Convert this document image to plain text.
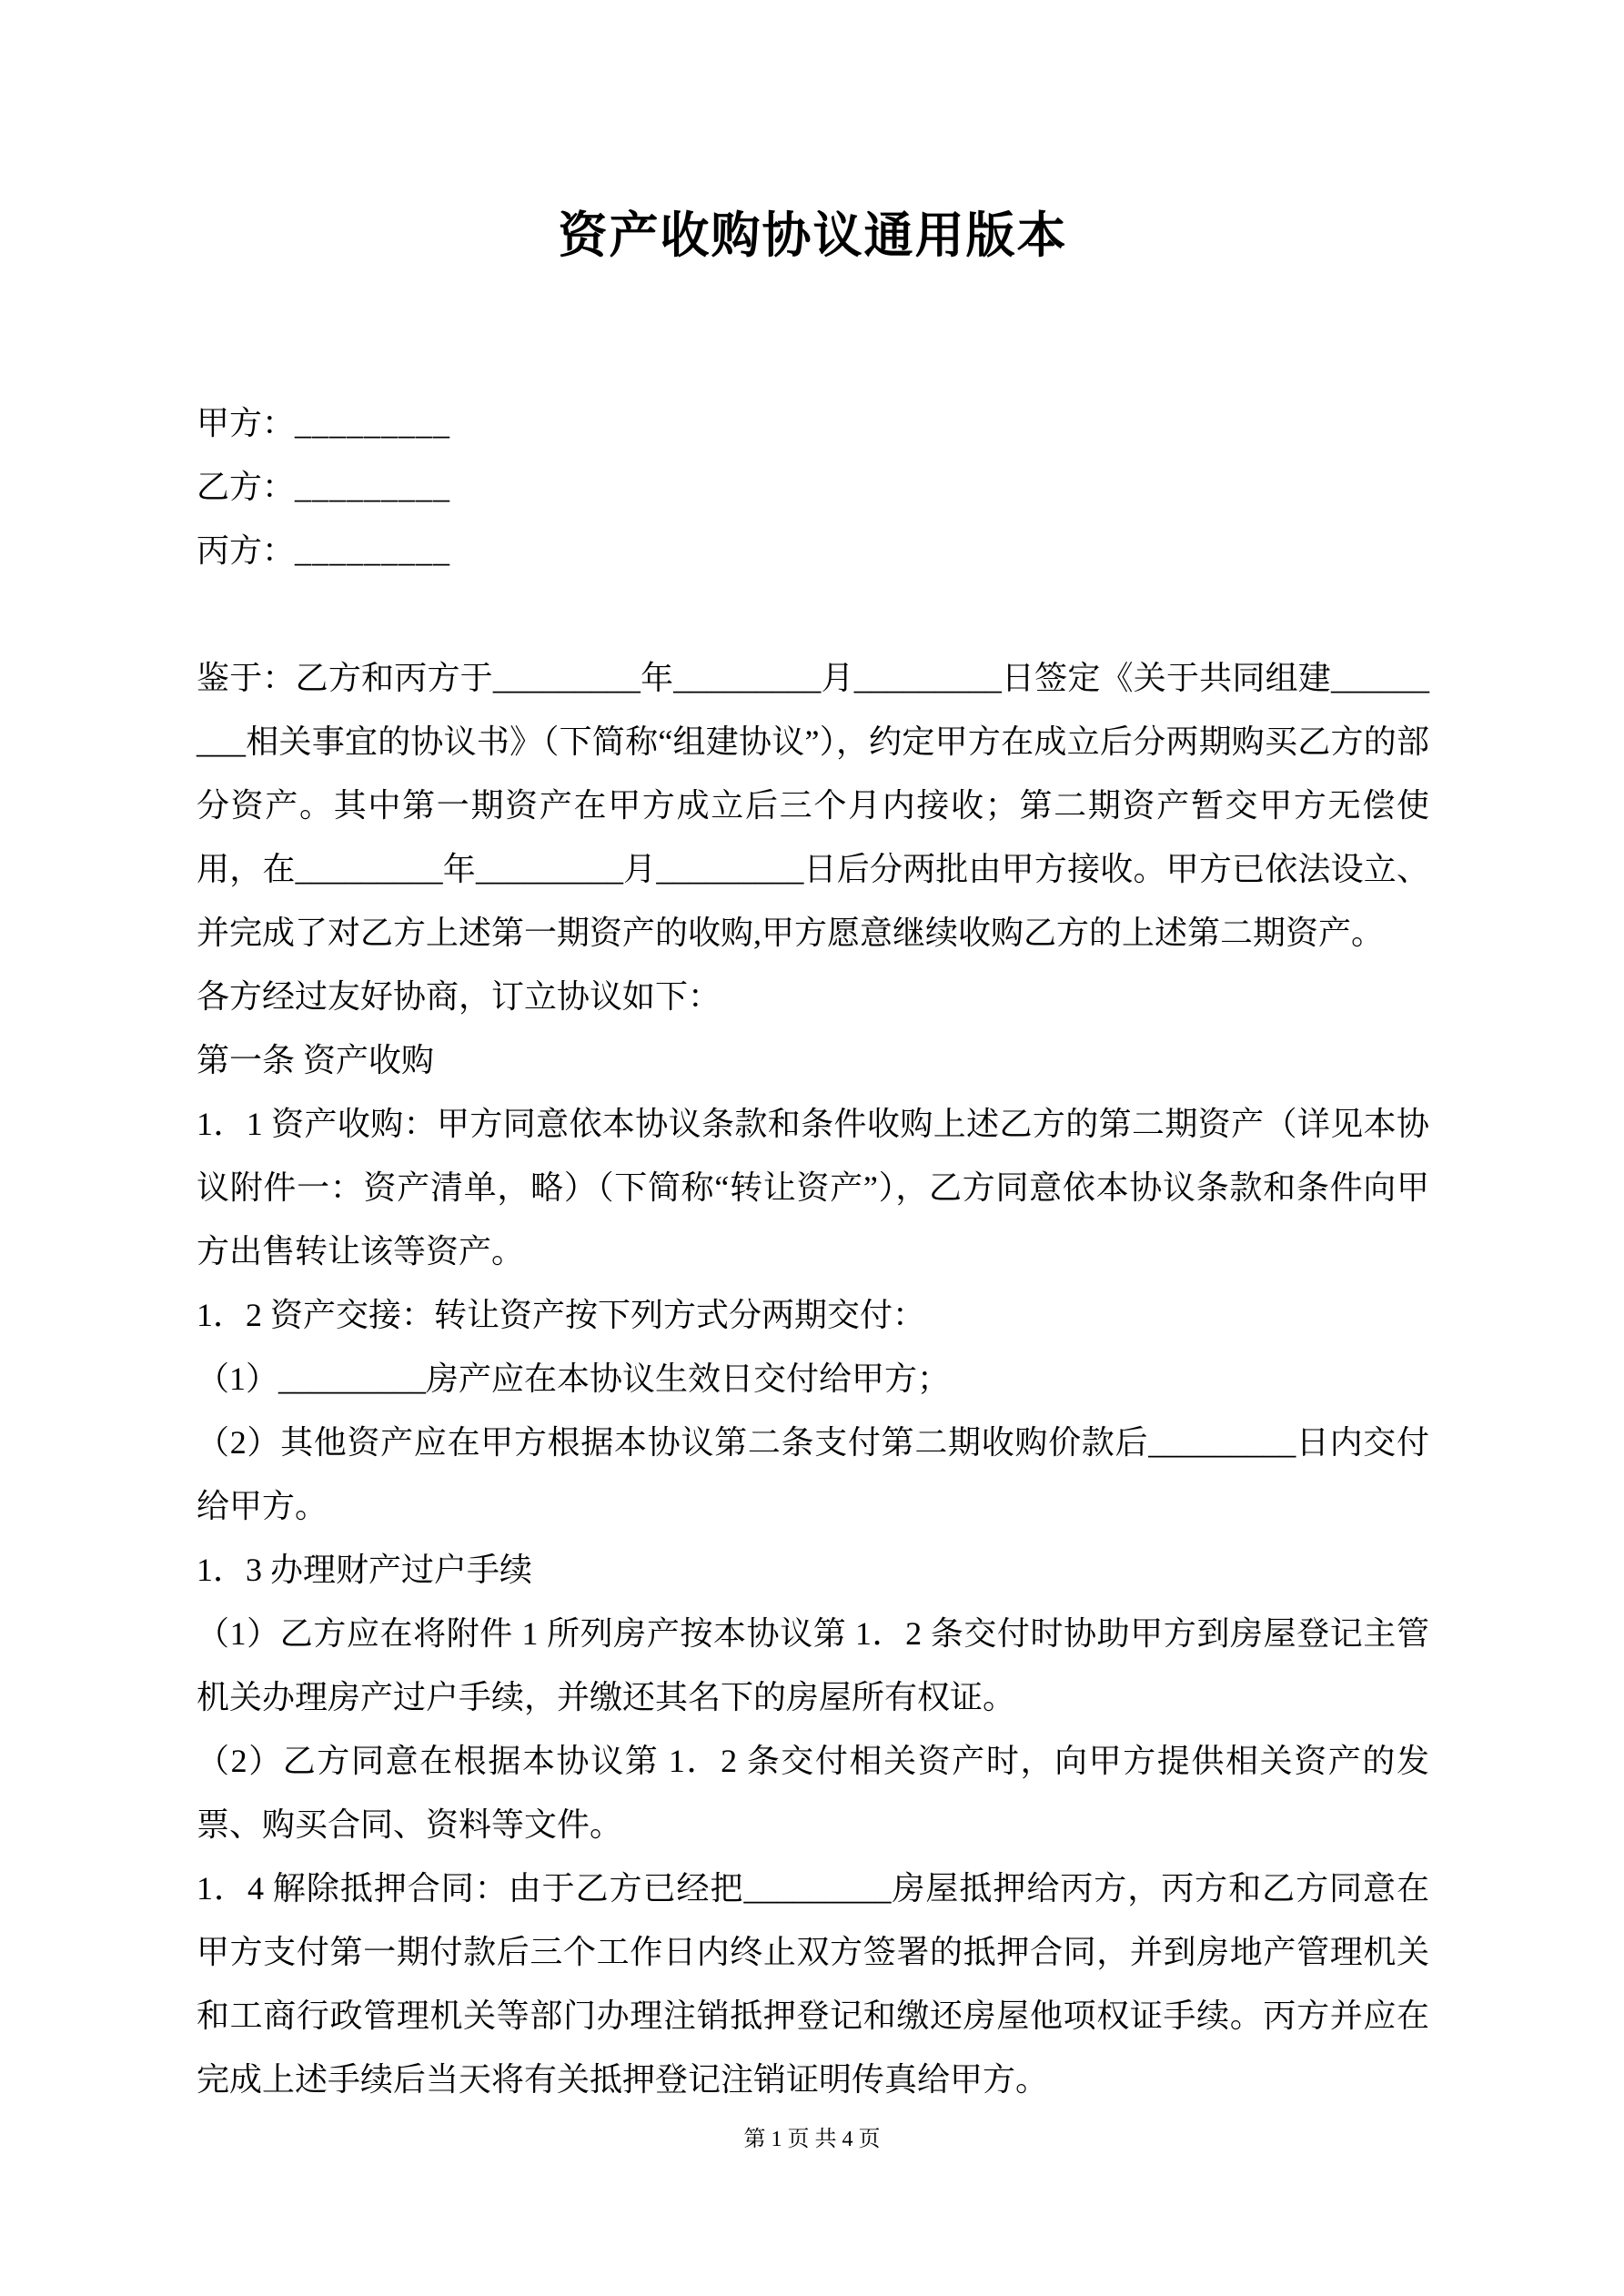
资产收购协议通用版本
甲方：_________
乙方：_________
丙方：_________

鉴于：乙方和丙方于_________年_________月_________日签定《关于共同组建_________相关事宜的协议书》（下简称“组建协议”），约定甲方在成立后分两期购买乙方的部分资产。其中第一期资产在甲方成立后三个月内接收；第二期资产暂交甲方无偿使用，在_________年_________月_________日后分两批由甲方接收。甲方已依法设立、并完成了对乙方上述第一期资产的收购,甲方愿意继续收购乙方的上述第二期资产。

各方经过友好协商，订立协议如下：

第一条 资产收购

1．1 资产收购：甲方同意依本协议条款和条件收购上述乙方的第二期资产（详见本协议附件一：资产清单，略）（下简称“转让资产”），乙方同意依本协议条款和条件向甲方出售转让该等资产。

1．2 资产交接：转让资产按下列方式分两期交付：

（1）_________房产应在本协议生效日交付给甲方；

（2）其他资产应在甲方根据本协议第二条支付第二期收购价款后_________日内交付给甲方。

1．3 办理财产过户手续

（1）乙方应在将附件 1 所列房产按本协议第 1．2 条交付时协助甲方到房屋登记主管机关办理房产过户手续，并缴还其名下的房屋所有权证。

（2）乙方同意在根据本协议第 1．2 条交付相关资产时，向甲方提供相关资产的发票、购买合同、资料等文件。

1．4 解除抵押合同：由于乙方已经把_________房屋抵押给丙方，丙方和乙方同意在甲方支付第一期付款后三个工作日内终止双方签署的抵押合同，并到房地产管理机关和工商行政管理机关等部门办理注销抵押登记和缴还房屋他项权证手续。丙方并应在完成上述手续后当天将有关抵押登记注销证明传真给甲方。

第 1 页 共 4 页
